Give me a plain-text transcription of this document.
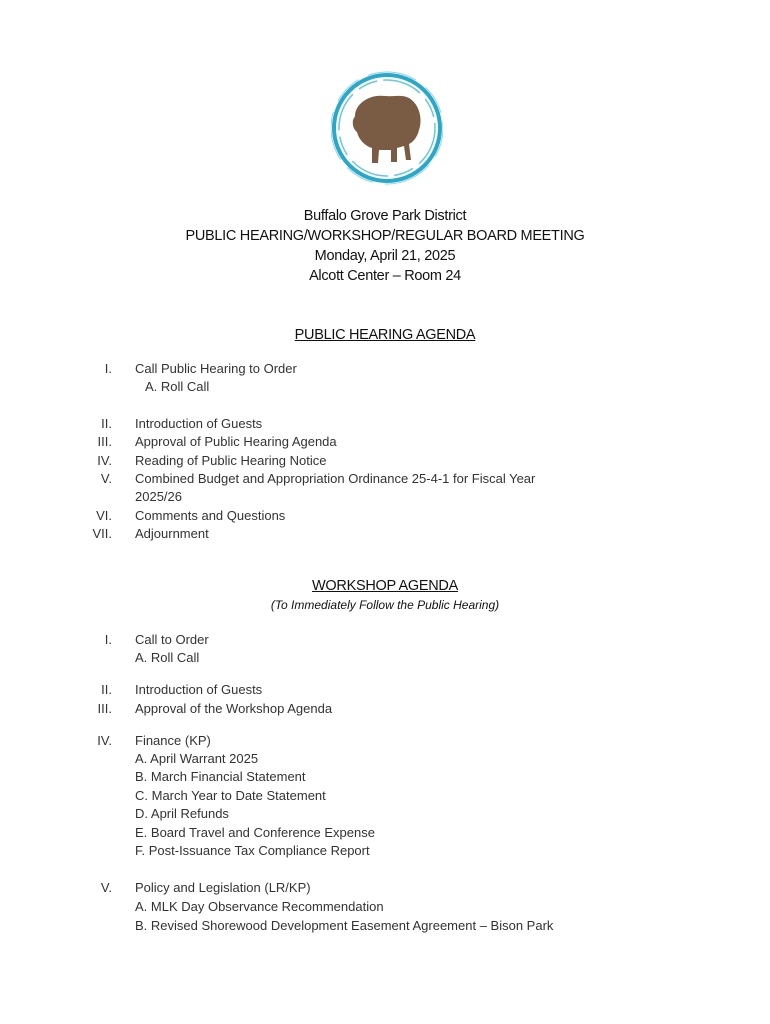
Buffalo Grove Park District
PUBLIC HEARING/WORKSHOP/REGULAR BOARD MEETING
Monday, April 21, 2025
Alcott Center – Room 24
PUBLIC HEARING AGENDA
I. Call Public Hearing to Order
A. Roll Call
II. Introduction of Guests
III. Approval of Public Hearing Agenda
IV. Reading of Public Hearing Notice
V. Combined Budget and Appropriation Ordinance 25-4-1 for Fiscal Year
2025/26
VI. Comments and Questions
VII. Adjournment
WORKSHOP AGENDA
(To Immediately Follow the Public Hearing)
I. Call to Order
A. Roll Call
II. Introduction of Guests
III. Approval of the Workshop Agenda
IV. Finance (KP)
A. April Warrant 2025
B. March Financial Statement
C. March Year to Date Statement
D. April Refunds
E. Board Travel and Conference Expense
F. Post-Issuance Tax Compliance Report
V. Policy and Legislation (LR/KP)
A. MLK Day Observance Recommendation
B. Revised Shorewood Development Easement Agreement – Bison Park
